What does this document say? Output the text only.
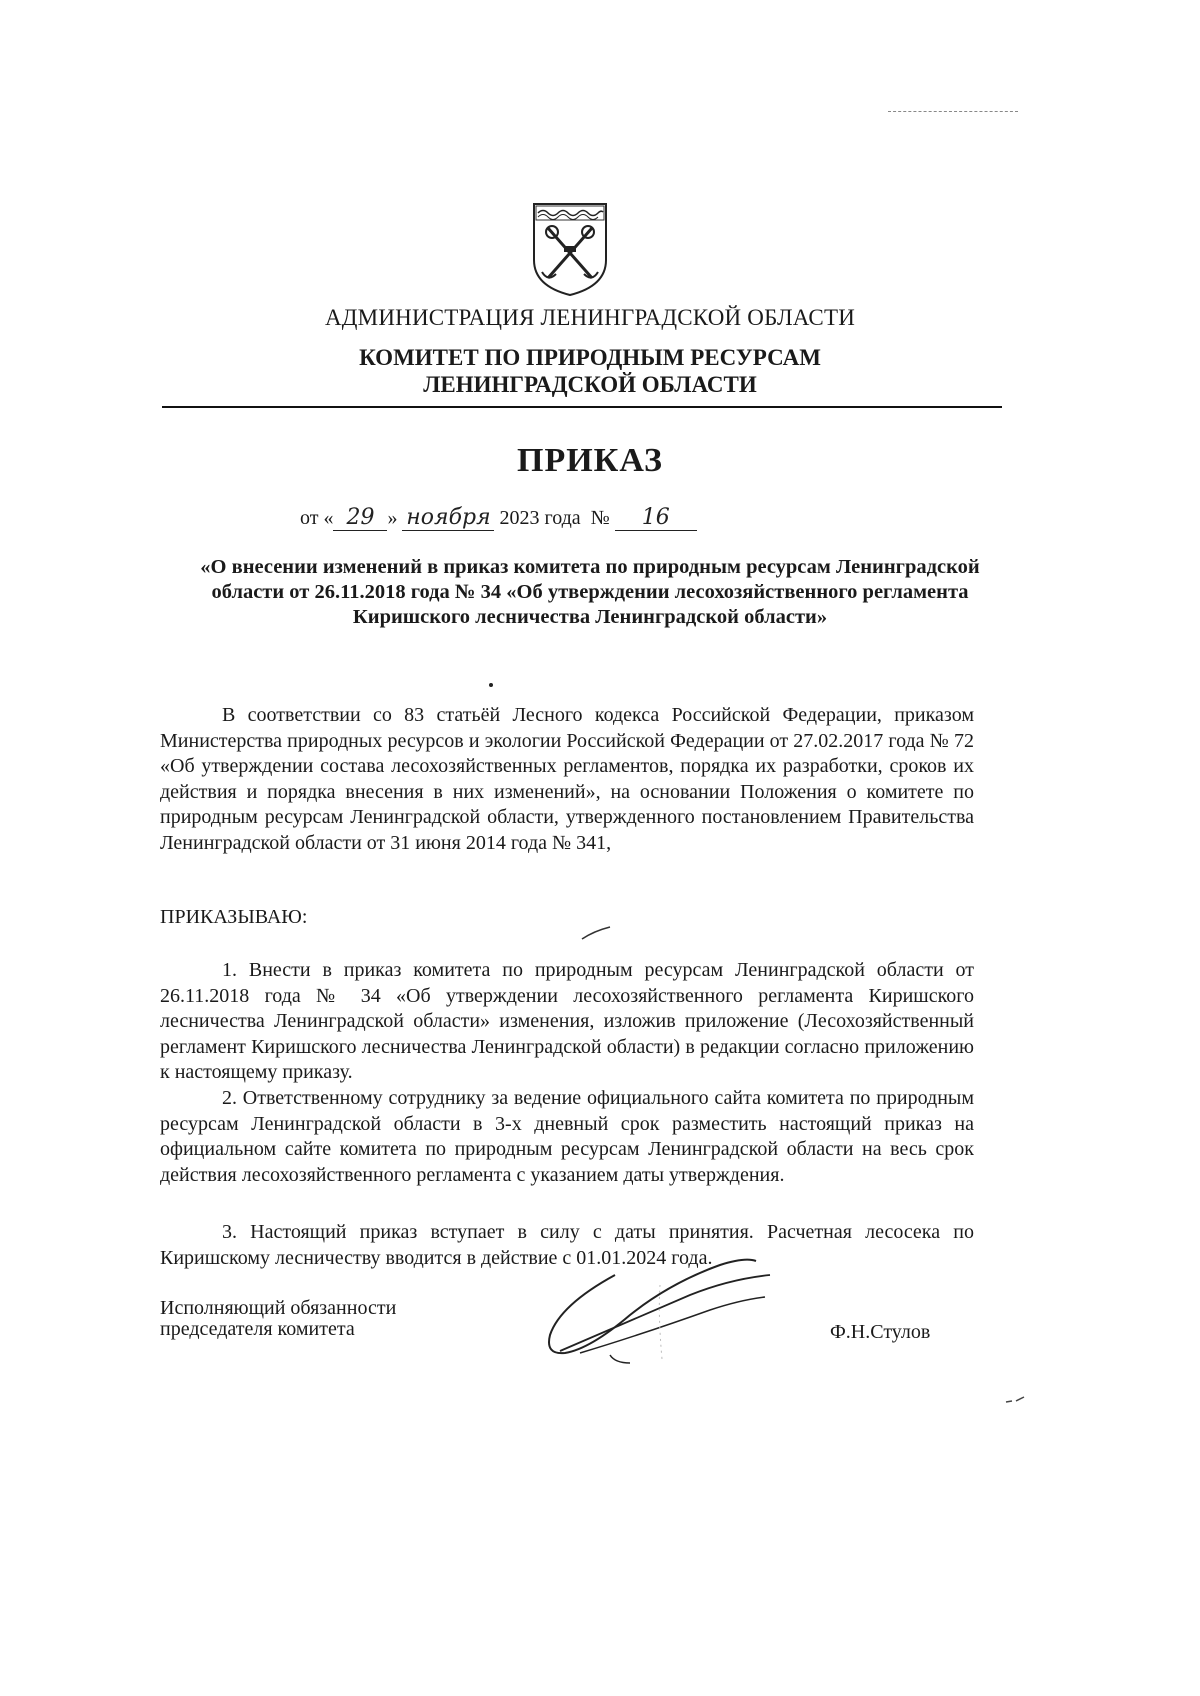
АДМИНИСТРАЦИЯ ЛЕНИНГРАДСКОЙ ОБЛАСТИ
КОМИТЕТ ПО ПРИРОДНЫМ РЕСУРСАМ
ЛЕНИНГРАДСКОЙ ОБЛАСТИ
ПРИКАЗ
от « 29 » ноября 2023 года № 16
«О внесении изменений в приказ комитета по природным ресурсам Ленинградской области от 26.11.2018 года № 34 «Об утверждении лесохозяйственного регламента Киришского лесничества Ленинградской области»
В соответствии со 83 статьёй Лесного кодекса Российской Федерации, приказом Министерства природных ресурсов и экологии Российской Федерации от 27.02.2017 года № 72 «Об утверждении состава лесохозяйственных регламентов, порядка их разработки, сроков их действия и порядка внесения в них изменений», на основании Положения о комитете по природным ресурсам Ленинградской области, утвержденного постановлением Правительства Ленинградской области от 31 июня 2014 года № 341,
ПРИКАЗЫВАЮ:
1. Внести в приказ комитета по природным ресурсам Ленинградской области от 26.11.2018 года № 34 «Об утверждении лесохозяйственного регламента Киришского лесничества Ленинградской области» изменения, изложив приложение (Лесохозяйственный регламент Киришского лесничества Ленинградской области) в редакции согласно приложению к настоящему приказу.
2. Ответственному сотруднику за ведение официального сайта комитета по природным ресурсам Ленинградской области в 3-х дневный срок разместить настоящий приказ на официальном сайте комитета по природным ресурсам Ленинградской области на весь срок действия лесохозяйственного регламента с указанием даты утверждения.
3. Настоящий приказ вступает в силу с даты принятия. Расчетная лесосека по Киришскому лесничеству вводится в действие с 01.01.2024 года.
Исполняющий обязанности
председателя комитета	Ф.Н.Стулов
